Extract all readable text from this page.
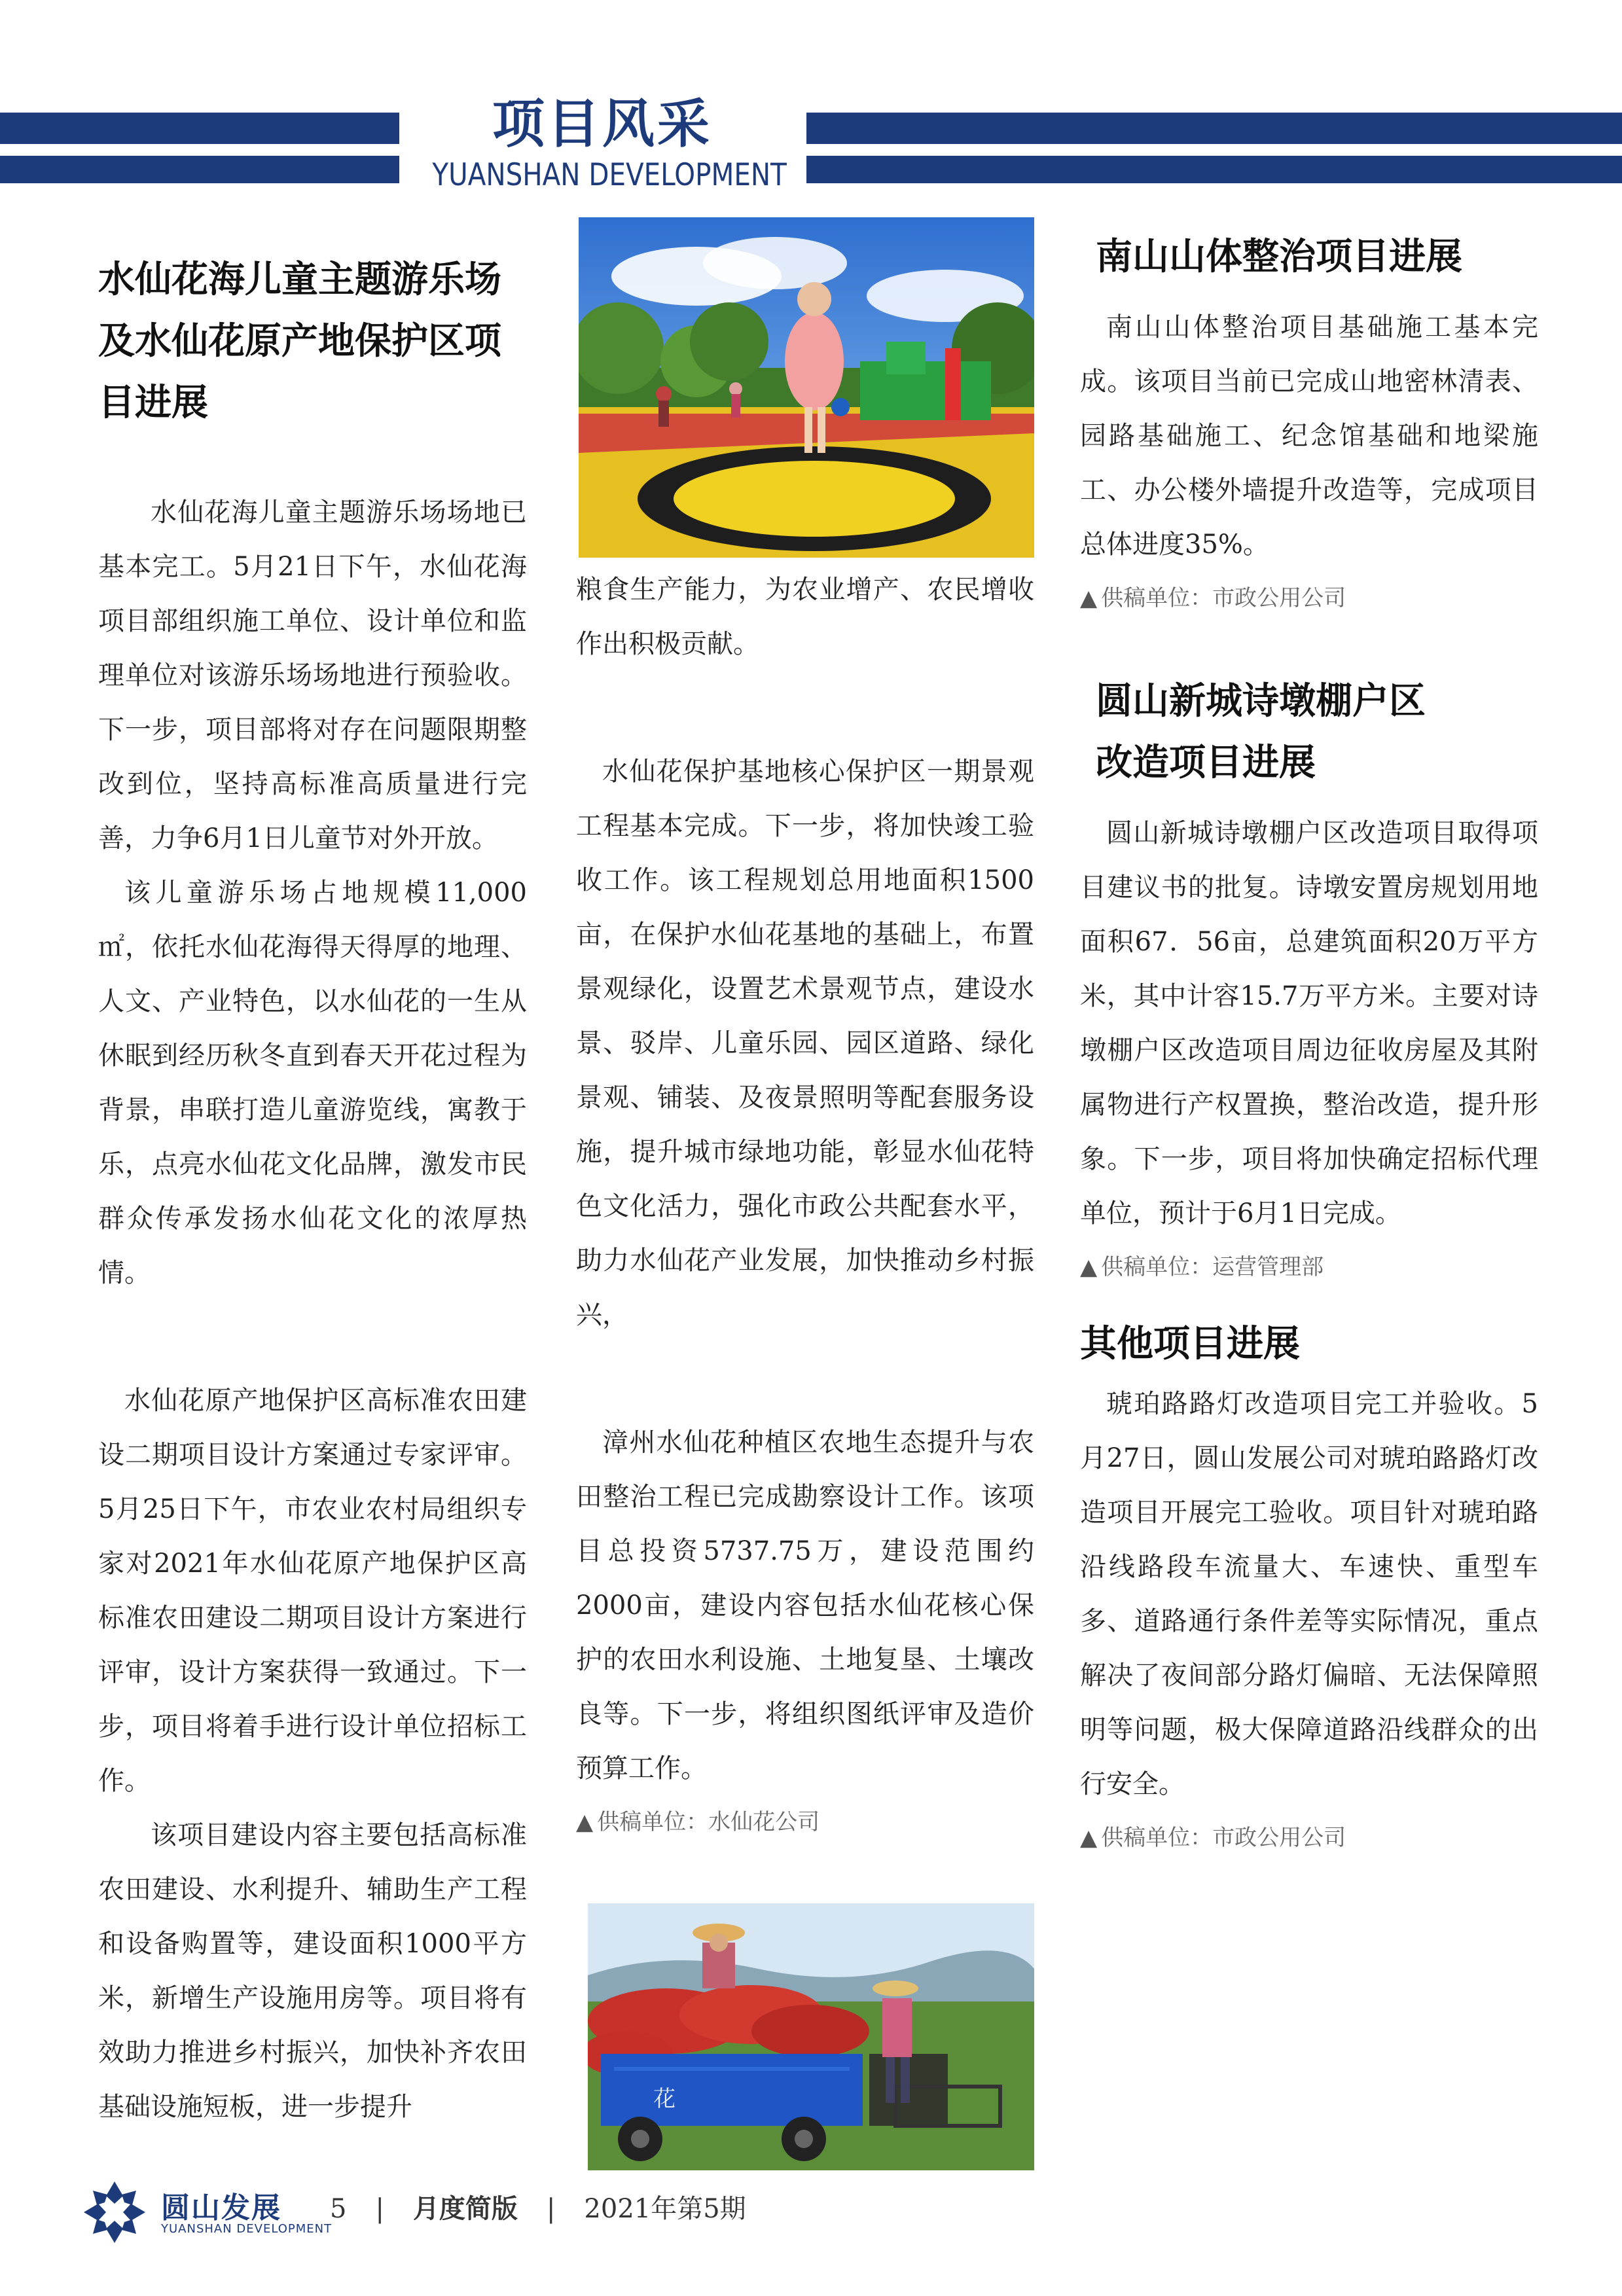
项目风采
YUANSHAN DEVELOPMENT
水仙花海儿童主题游乐场及水仙花原产地保护区项目进展

水仙花海儿童主题游乐场场地已基本完工。5月21日下午，水仙花海项目部组织施工单位、设计单位和监理单位对该游乐场场地进行预验收。下一步，项目部将对存在问题限期整改到位，坚持高标准高质量进行完善，力争6月1日儿童节对外开放。

该儿童游乐场占地规模11,000㎡，依托水仙花海得天得厚的地理、人文、产业特色，以水仙花的一生从休眠到经历秋冬直到春天开花过程为背景，串联打造儿童游览线，寓教于乐，点亮水仙花文化品牌，激发市民群众传承发扬水仙花文化的浓厚热情。

水仙花原产地保护区高标准农田建设二期项目设计方案通过专家评审。5月25日下午，市农业农村局组织专家对2021年水仙花原产地保护区高标准农田建设二期项目设计方案进行评审，设计方案获得一致通过。下一步，项目将着手进行设计单位招标工作。

该项目建设内容主要包括高标准农田建设、水利提升、辅助生产工程和设备购置等，建设面积1000平方米，新增生产设施用房等。项目将有效助力推进乡村振兴，加快补齐农田基础设施短板，进一步提升

粮食生产能力，为农业增产、农民增收作出积极贡献。

水仙花保护基地核心保护区一期景观工程基本完成。下一步，将加快竣工验收工作。该工程规划总用地面积1500亩，在保护水仙花基地的基础上，布置景观绿化，设置艺术景观节点，建设水景、驳岸、儿童乐园、园区道路、绿化景观、铺装、及夜景照明等配套服务设施，提升城市绿地功能，彰显水仙花特色文化活力，强化市政公共配套水平，助力水仙花产业发展，加快推动乡村振兴，

漳州水仙花种植区农地生态提升与农田整治工程已完成勘察设计工作。该项目总投资5737.75万，建设范围约2000亩，建设内容包括水仙花核心保护的农田水利设施、土地复垦、土壤改良等。下一步，将组织图纸评审及造价预算工作。

▲ 供稿单位：水仙花公司
花
南山山体整治项目进展

南山山体整治项目基础施工基本完成。该项目当前已完成山地密林清表、园路基础施工、纪念馆基础和地梁施工、办公楼外墙提升改造等，完成项目总体进度35%。

▲ 供稿单位：市政公用公司
圆山新城诗墩棚户区
改造项目进展

圆山新城诗墩棚户区改造项目取得项目建议书的批复。诗墩安置房规划用地面积67．56亩，总建筑面积20万平方米，其中计容15.7万平方米。主要对诗墩棚户区改造项目周边征收房屋及其附属物进行产权置换，整治改造，提升形象。下一步，项目将加快确定招标代理单位，预计于6月1日完成。

▲ 供稿单位：运营管理部
其他项目进展

琥珀路路灯改造项目完工并验收。5月27日，圆山发展公司对琥珀路路灯改造项目开展完工验收。项目针对琥珀路沿线路段车流量大、车速快、重型车多、道路通行条件差等实际情况，重点解决了夜间部分路灯偏暗、无法保障照明等问题，极大保障道路沿线群众的出行安全。

▲ 供稿单位：市政公用公司
圆山发展
YUANSHAN DEVELOPMENT
5 | 月度简版 | 2021年第5期
